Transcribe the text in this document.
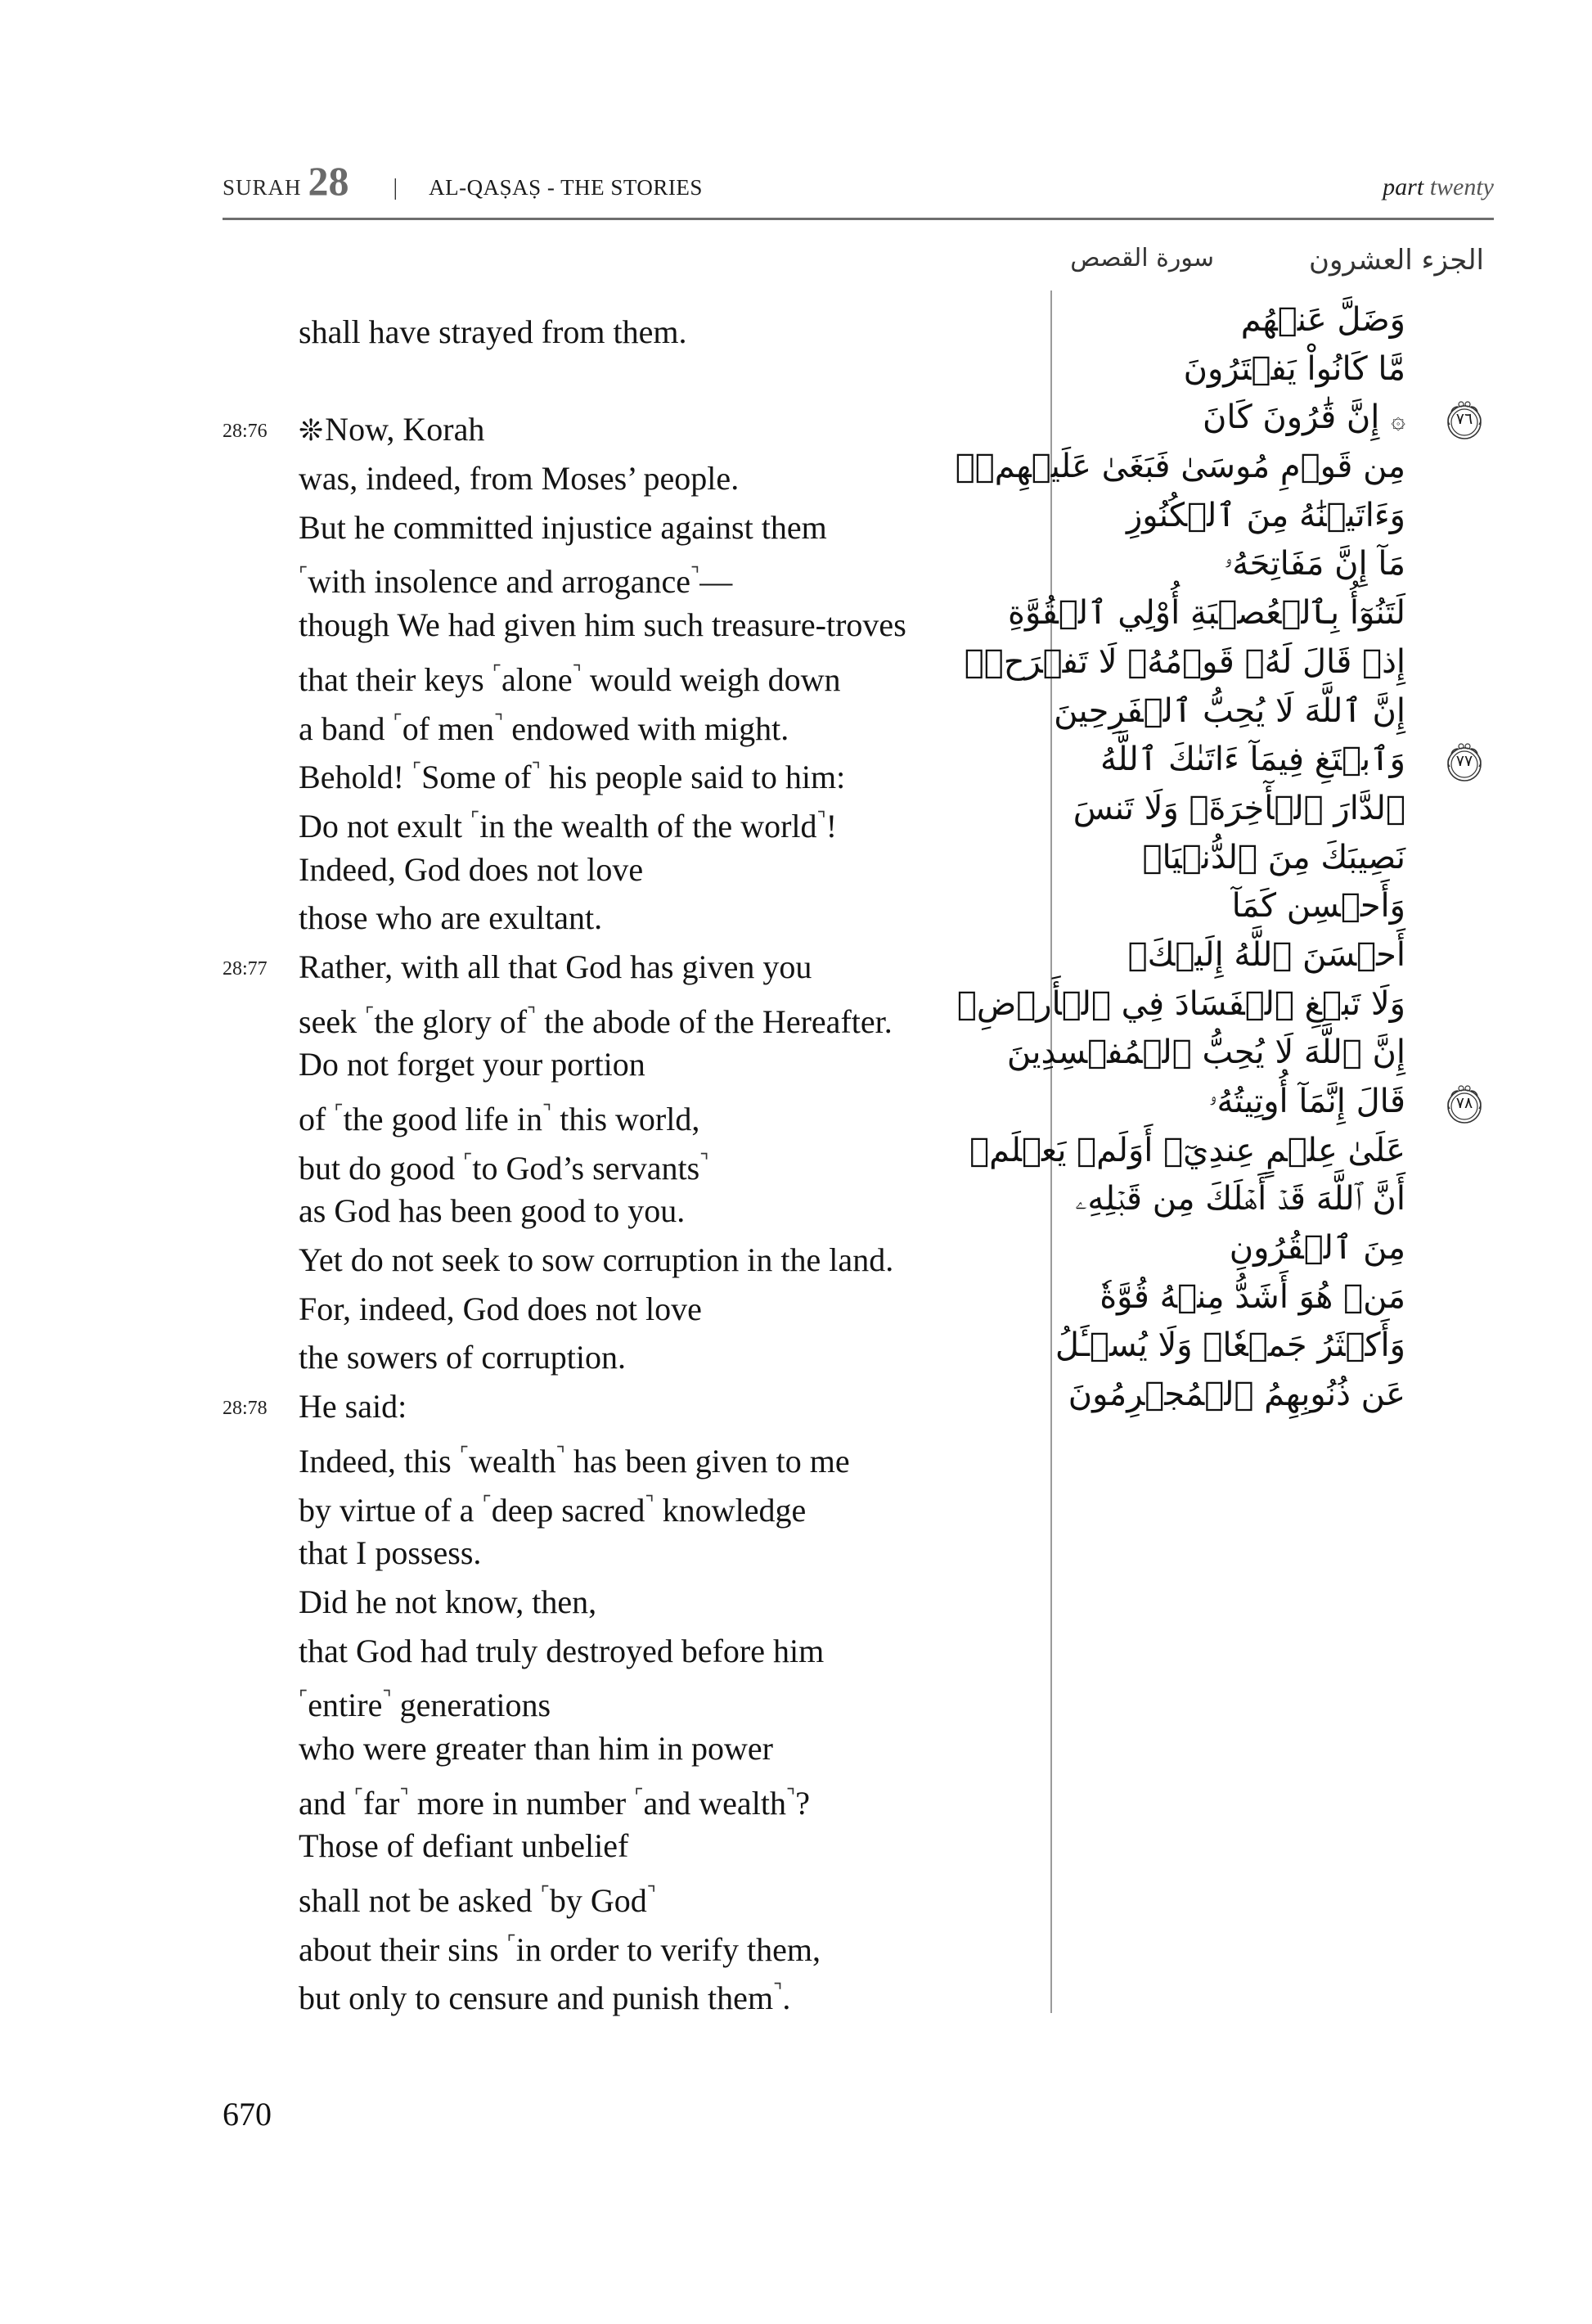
SURAH 28 | AL-QAṢAṢ - THE STORIES	part twenty
الجزء العشرون
سورة القصص
shall have strayed from them.
28:76 ❊Now, Korah
was, indeed, from Moses’ people.
But he committed injustice against them
⌜with insolence and arrogance⌝—
though We had given him such treasure-troves
that their keys ⌜alone⌝ would weigh down
a band ⌜of men⌝ endowed with might.
Behold! ⌜Some of⌝ his people said to him:
Do not exult ⌜in the wealth of the world⌝!
Indeed, God does not love
those who are exultant.
28:77 Rather, with all that God has given you
seek ⌜the glory of⌝ the abode of the Hereafter.
Do not forget your portion
of ⌜the good life in⌝ this world,
but do good ⌜to God’s servants⌝
as God has been good to you.
Yet do not seek to sow corruption in the land.
For, indeed, God does not love
the sowers of corruption.
28:78 He said:
Indeed, this ⌜wealth⌝ has been given to me
by virtue of a ⌜deep sacred⌝ knowledge
that I possess.
Did he not know, then,
that God had truly destroyed before him
⌜entire⌝ generations
who were greater than him in power
and ⌜far⌝ more in number ⌜and wealth⌝?
Those of defiant unbelief
shall not be asked ⌜by God⌝
about their sins ⌜in order to verify them,
but only to censure and punish them⌝.
وَضَلَّ عَنۡهُم
مَّا كَانُواْ يَفۡتَرُونَ
۞إِنَّ قَٰرُونَ كَانَ	٧٦
مِن قَوۡمِ مُوسَىٰ فَبَغَىٰ عَلَيۡهِمۡۖ
وَءَاتَيۡنَٰهُ مِنَ ٱلۡكُنُوزِ
مَآ إِنَّ مَفَاتِحَهُۥ
لَتَنُوٓأُ بِٱلۡعُصۡبَةِ أُوْلِي ٱلۡقُوَّةِ
إِذۡ قَالَ لَهُۥ قَوۡمُهُۥ لَا تَفۡرَحۡۖ
إِنَّ ٱللَّهَ لَا يُحِبُّ ٱلۡفَرِحِينَ
وَٱبۡتَغِ فِيمَآ ءَاتَىٰكَ ٱللَّهُ	٧٧
ٱلدَّارَ ٱلۡأٓخِرَةَۖ وَلَا تَنسَ
نَصِيبَكَ مِنَ ٱلدُّنۡيَاۖ
وَأَحۡسِن كَمَآ
أَحۡسَنَ ٱللَّهُ إِلَيۡكَۖ
وَلَا تَبۡغِ ٱلۡفَسَادَ فِي ٱلۡأَرۡضِۖ
إِنَّ ٱللَّهَ لَا يُحِبُّ ٱلۡمُفۡسِدِينَ
قَالَ إِنَّمَآ أُوتِيتُهُۥ	٧٨
عَلَىٰ عِلۡمٍ عِندِيٓۚ أَوَلَمۡ يَعۡلَمۡ
أَنَّ ٱللَّهَ قَدۡ أَهۡلَكَ مِن قَبۡلِهِۦ
مِنَ ٱلۡقُرُونِ
مَنۡ هُوَ أَشَدُّ مِنۡهُ قُوَّةٗ
وَأَكۡثَرُ جَمۡعٗاۚ وَلَا يُسۡـَٔلُ
عَن ذُنُوبِهِمُ ٱلۡمُجۡرِمُونَ
670
